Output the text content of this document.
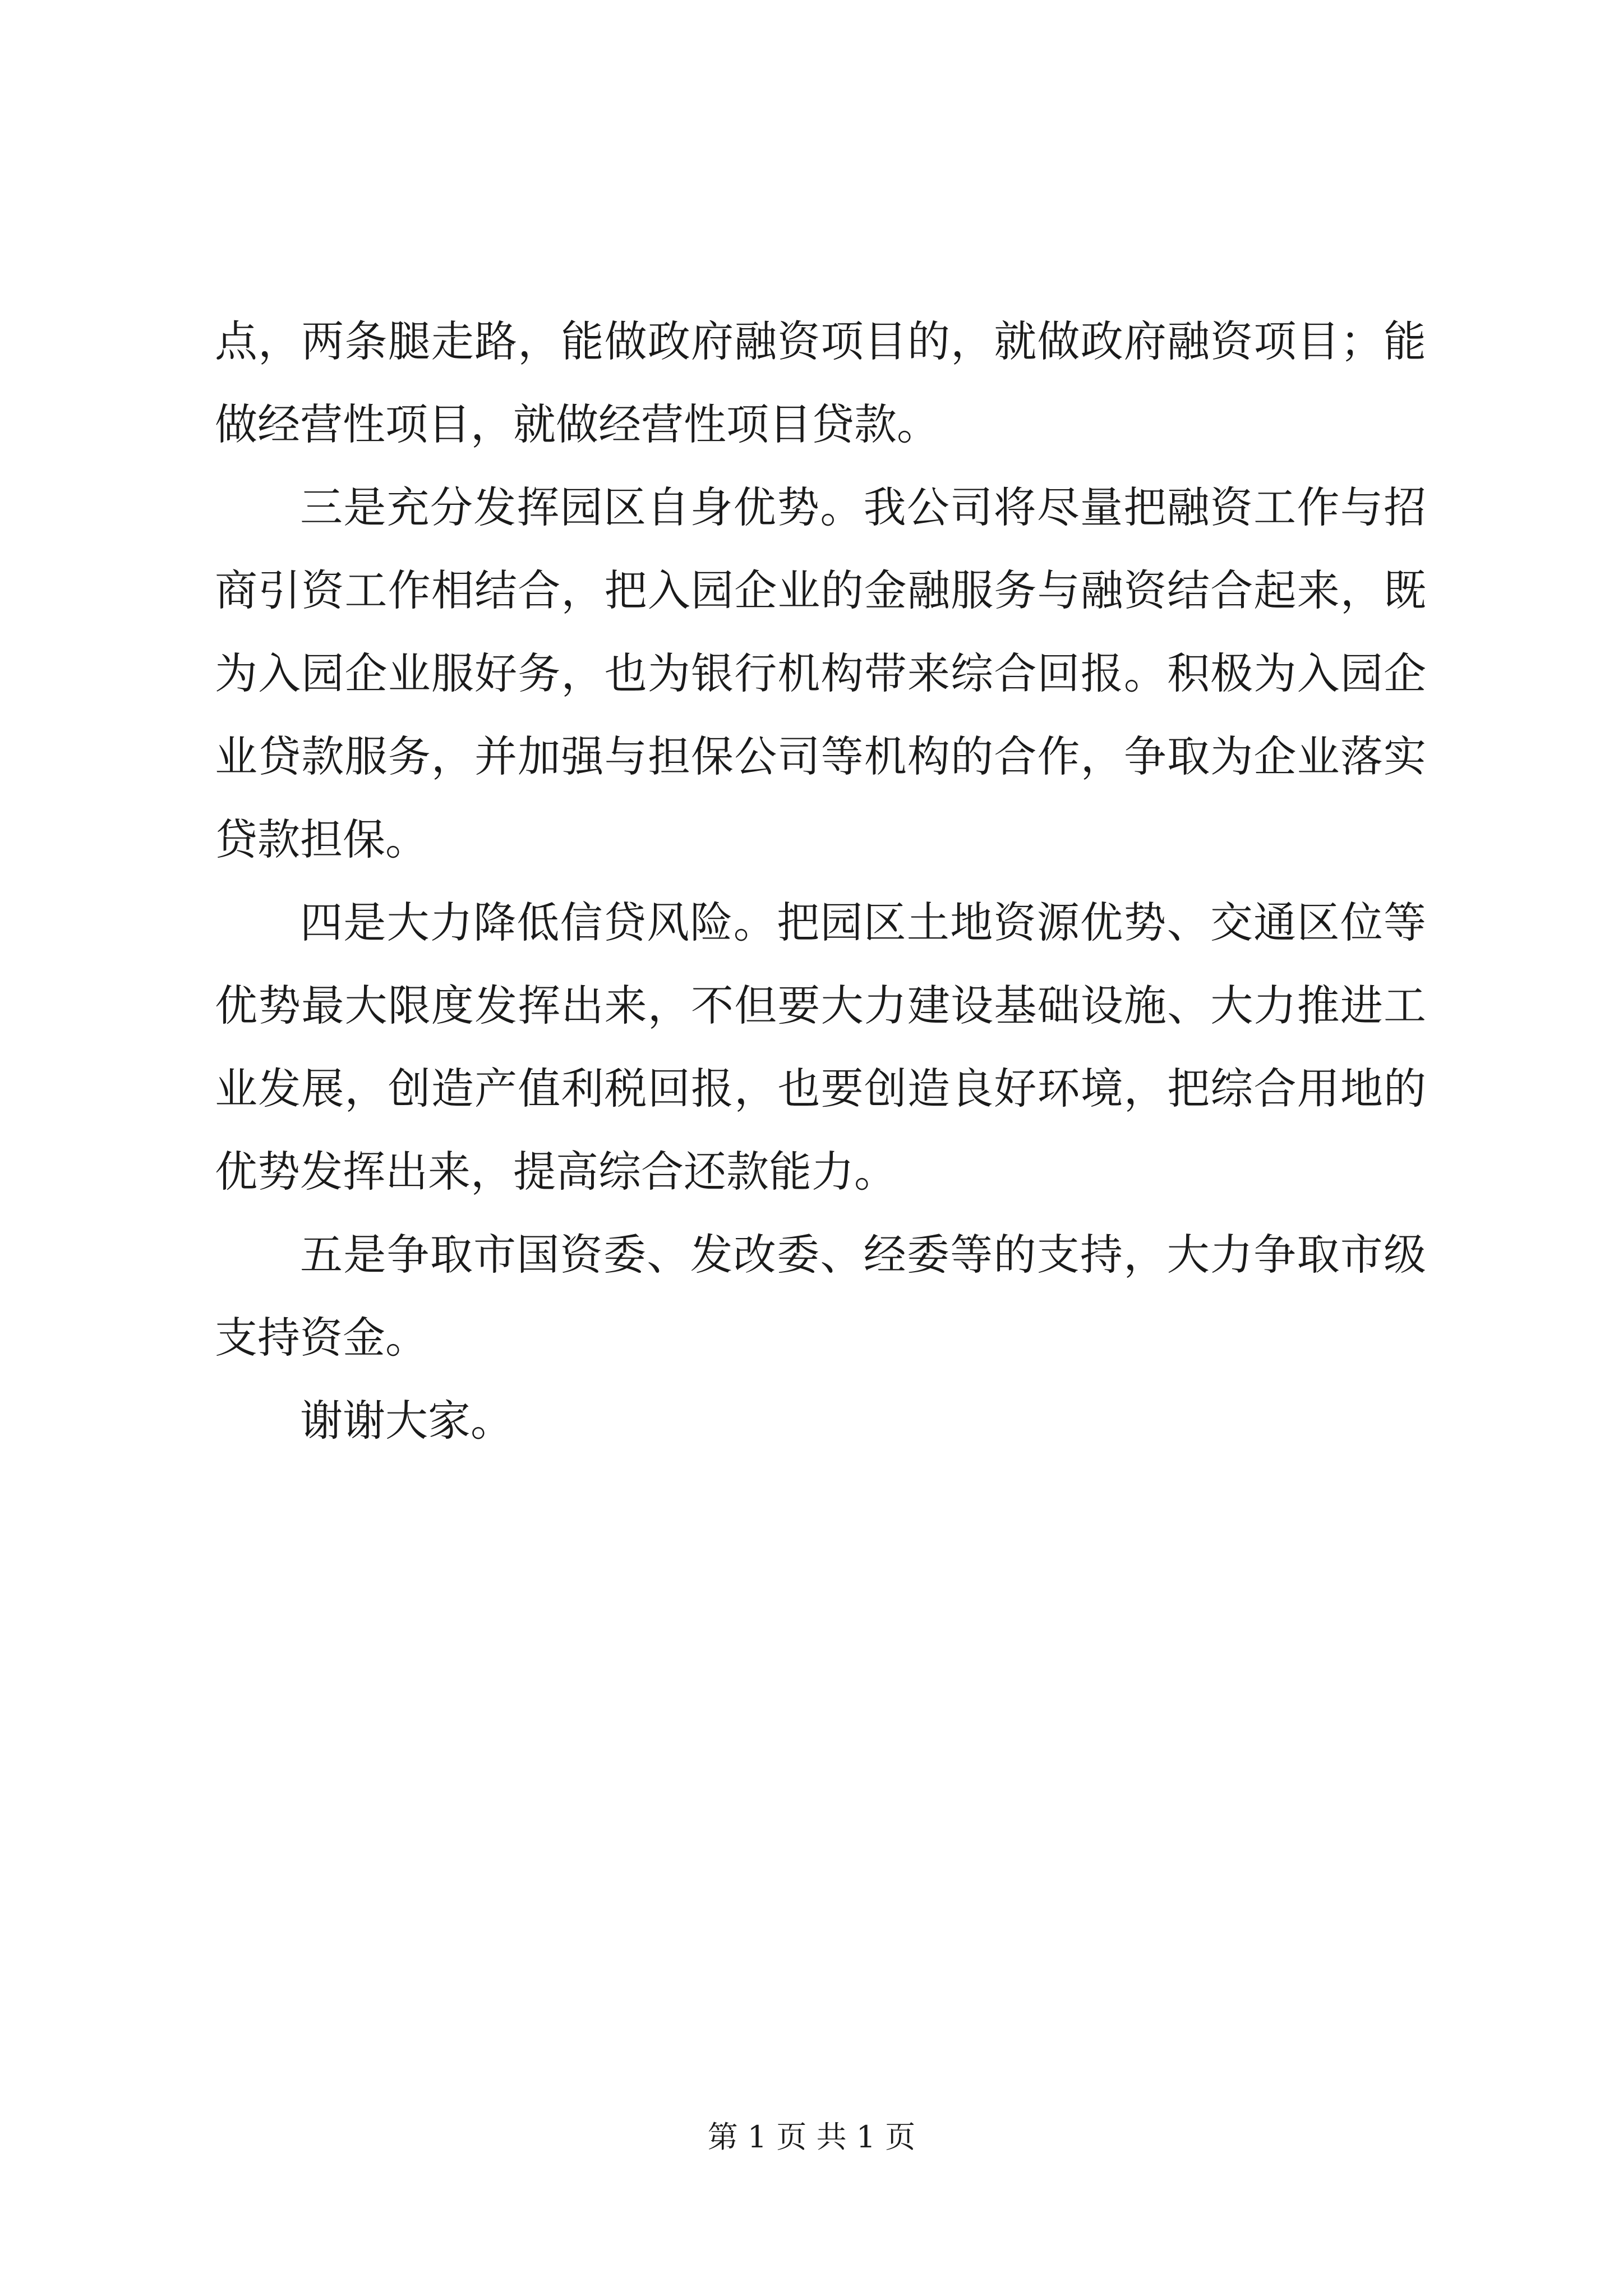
点，两条腿走路，能做政府融资项目的，就做政府融资项目；能
做经营性项目，就做经营性项目贷款。
三是充分发挥园区自身优势。我公司将尽量把融资工作与招
商引资工作相结合，把入园企业的金融服务与融资结合起来，既
为入园企业服好务，也为银行机构带来综合回报。积极为入园企
业贷款服务，并加强与担保公司等机构的合作，争取为企业落实
贷款担保。
四是大力降低信贷风险。把园区土地资源优势、交通区位等
优势最大限度发挥出来，不但要大力建设基础设施、大力推进工
业发展，创造产值利税回报，也要创造良好环境，把综合用地的
优势发挥出来，提高综合还款能力。
五是争取市国资委、发改委、经委等的支持，大力争取市级
支持资金。
谢谢大家。
第 1 页 共 1 页
